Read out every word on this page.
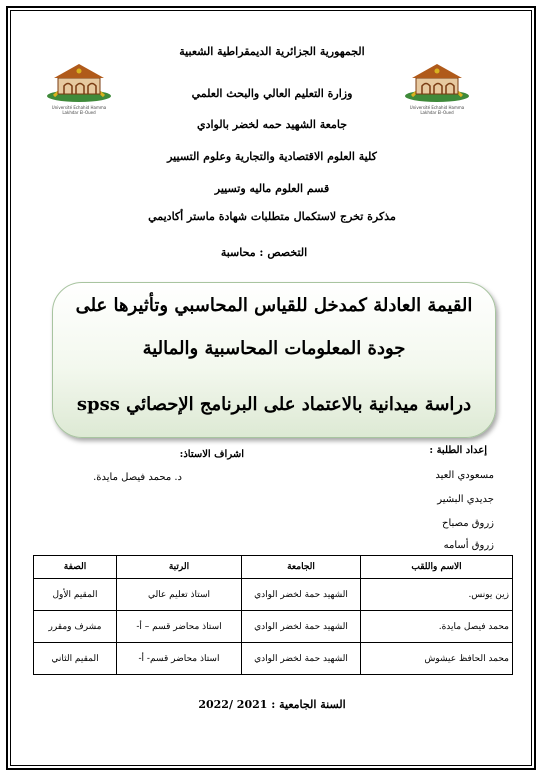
Université Echahid Hamma Lakhdar El-Oued
Université Echahid Hamma Lakhdar El-Oued
الجمهورية الجزائرية الديمقراطية الشعبية
وزارة التعليم العالي والبحث العلمي
جامعة الشهيد حمه لخضر بالوادي
كلية العلوم الاقتصادية والتجارية وعلوم التسيير
قسم العلوم ماليه وتسيير
مذكرة تخرج لاستكمال متطلبات شهادة ماستر أكاديمي
التخصص : محاسبة
القيمة العادلة كمدخل للقياس المحاسبي وتأثيرها على
جودة المعلومات المحاسبية والمالية
دراسة ميدانية بالاعتماد على البرنامج الإحصائي spss
إعداد الطلبة :
مسعودي العيد
جديدي البشير
زروق مصباح
زروق أسامه
اشراف الاستاذ:
د. محمد فيصل مايدة.
الاسم واللقب	الجامعة	الرتبة	الصفة
زين يونس.	الشهيد حمة لخضر الوادي	استاذ تعليم عالي	المقيم الأول
محمد فيصل مايدة.	الشهيد حمة لخضر الوادي	استاذ محاضر قسم – أ-	مشرف ومقرر
محمد الحافظ عيشوش	الشهيد حمة لخضر الوادي	استاذ محاضر قسم- أ-	المقيم الثاني
السنة الجامعية : 2021 /2022
